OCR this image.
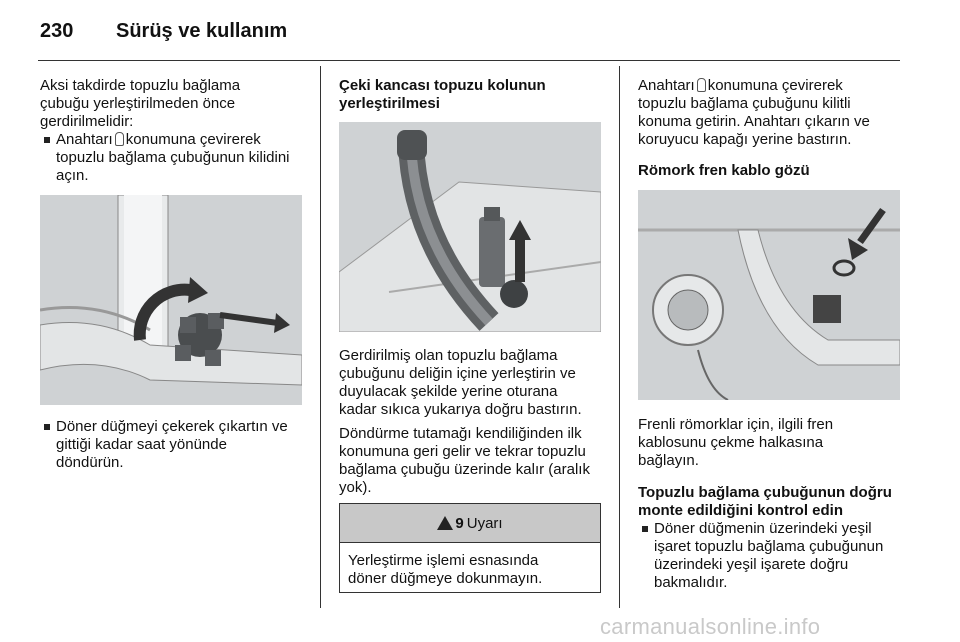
230 Sürüş ve kullanım

Aksi takdirde topuzlu bağlama

çubuğu yerleştirilmeden önce

gerdirilmelidir:

Anahtarı konumuna çevirerek

topuzlu bağlama çubuğunun kilidini

açın.

Döner düğmeyi çekerek çıkartın ve

gittiği kadar saat yönünde

döndürün.

Çeki kancası topuzu kolunun

yerleştirilmesi

Gerdirilmiş olan topuzlu bağlama

çubuğunu deliğin içine yerleştirin ve

duyulacak şekilde yerine oturana

kadar sıkıca yukarıya doğru bastırın.

Döndürme tutamağı kendiliğinden ilk

konumuna geri gelir ve tekrar topuzlu

bağlama çubuğu üzerinde kalır (aralık

yok).

9 Uyarı

Yerleştirme işlemi esnasında

döner düğmeye dokunmayın.

Anahtarı konumuna çevirerek

topuzlu bağlama çubuğunu kilitli

konuma getirin. Anahtarı çıkarın ve

koruyucu kapağı yerine bastırın.

Römork fren kablo gözü

Frenli römorklar için, ilgili fren

kablosunu çekme halkasına

bağlayın.

Topuzlu bağlama çubuğunun doğru

monte edildiğini kontrol edin

Döner düğmenin üzerindeki yeşil

işaret topuzlu bağlama çubuğunun

üzerindeki yeşil işarete doğru

bakmalıdır.

carmanualsonline.info
